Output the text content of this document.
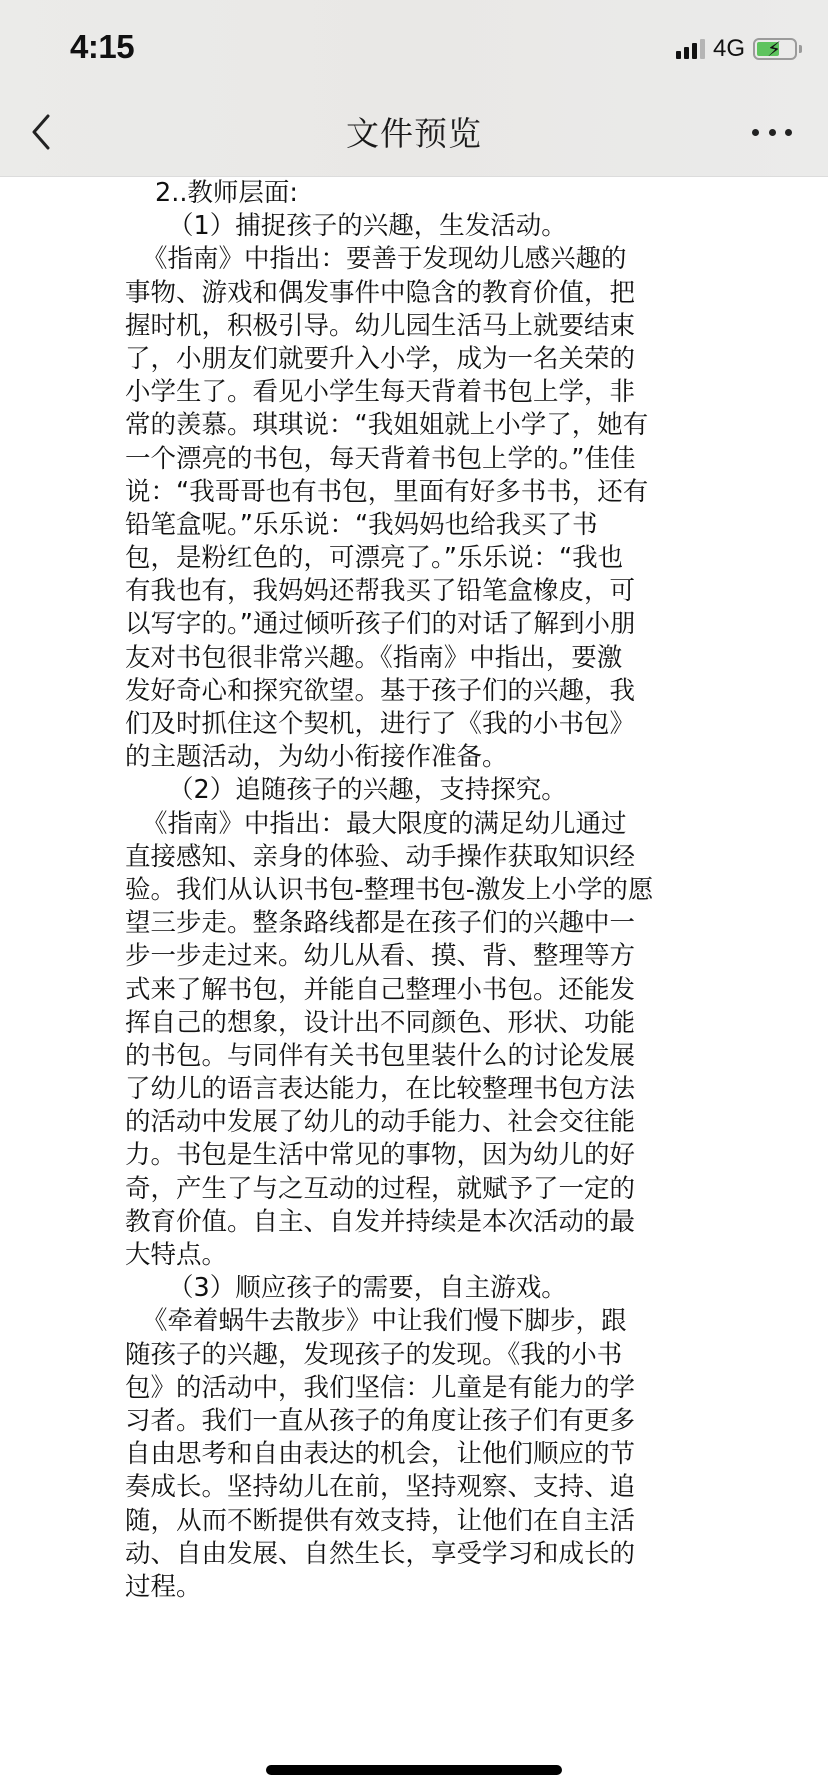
4:15	4G ⚡
文件预览
2..教师层面:
（1）捕捉孩子的兴趣，生发活动。
《指南》中指出：要善于发现幼儿感兴趣的
事物、游戏和偶发事件中隐含的教育价值，把
握时机，积极引导。幼儿园生活马上就要结束
了，小朋友们就要升入小学，成为一名关荣的
小学生了。看见小学生每天背着书包上学，非
常的羡慕。琪琪说：“我姐姐就上小学了，她有
一个漂亮的书包，每天背着书包上学的。”佳佳
说：“我哥哥也有书包，里面有好多书书，还有
铅笔盒呢。”乐乐说：“我妈妈也给我买了书
包，是粉红色的，可漂亮了。”乐乐说：“我也
有我也有，我妈妈还帮我买了铅笔盒橡皮，可
以写字的。”通过倾听孩子们的对话了解到小朋
友对书包很非常兴趣。《指南》中指出，要激
发好奇心和探究欲望。基于孩子们的兴趣，我
们及时抓住这个契机，进行了《我的小书包》
的主题活动，为幼小衔接作准备。
（2）追随孩子的兴趣，支持探究。
《指南》中指出：最大限度的满足幼儿通过
直接感知、亲身的体验、动手操作获取知识经
验。我们从认识书包-整理书包-激发上小学的愿
望三步走。整条路线都是在孩子们的兴趣中一
步一步走过来。幼儿从看、摸、背、整理等方
式来了解书包，并能自己整理小书包。还能发
挥自己的想象，设计出不同颜色、形状、功能
的书包。与同伴有关书包里装什么的讨论发展
了幼儿的语言表达能力，在比较整理书包方法
的活动中发展了幼儿的动手能力、社会交往能
力。书包是生活中常见的事物，因为幼儿的好
奇，产生了与之互动的过程，就赋予了一定的
教育价值。自主、自发并持续是本次活动的最
大特点。
（3）顺应孩子的需要，自主游戏。
《牵着蜗牛去散步》中让我们慢下脚步，跟
随孩子的兴趣，发现孩子的发现。《我的小书
包》的活动中，我们坚信：儿童是有能力的学
习者。我们一直从孩子的角度让孩子们有更多
自由思考和自由表达的机会，让他们顺应的节
奏成长。坚持幼儿在前，坚持观察、支持、追
随，从而不断提供有效支持，让他们在自主活
动、自由发展、自然生长，享受学习和成长的
过程。
